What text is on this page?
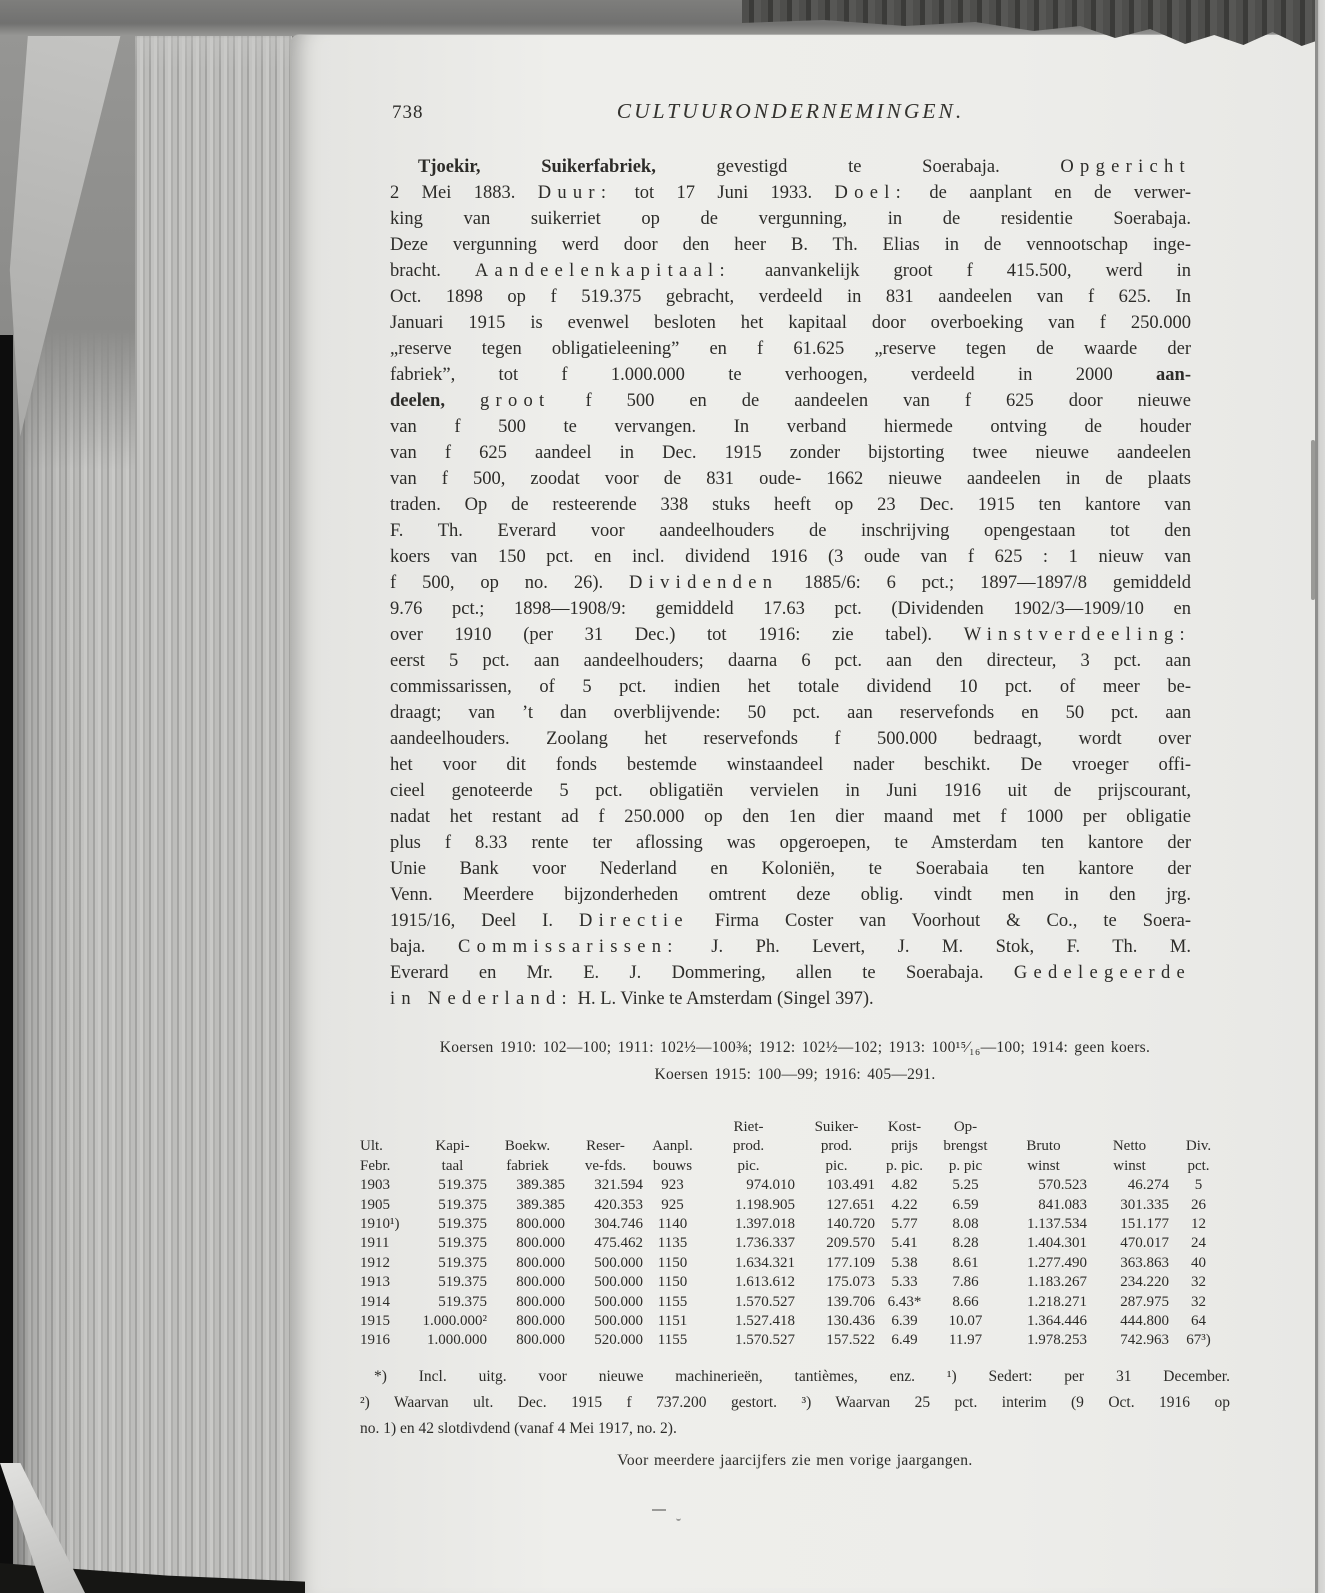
738	CULTUURONDERNEMINGEN.
Tjoekir, Suikerfabriek, gevestigd te Soerabaja. Opgericht
2 Mei 1883. Duur: tot 17 Juni 1933. Doel: de aanplant en de verwer-
king van suikerriet op de vergunning, in de residentie Soerabaja.
Deze vergunning werd door den heer B. Th. Elias in de vennootschap inge-
bracht. Aandeelenkapitaal: aanvankelijk groot f 415.500, werd in
Oct. 1898 op f 519.375 gebracht, verdeeld in 831 aandeelen van f 625. In
Januari 1915 is evenwel besloten het kapitaal door overboeking van f 250.000
„reserve tegen obligatieleening” en f 61.625 „reserve tegen de waarde der
fabriek”, tot f 1.000.000 te verhoogen, verdeeld in 2000 aan-
deelen, groot f 500 en de aandeelen van f 625 door nieuwe
van f 500 te vervangen. In verband hiermede ontving de houder
van f 625 aandeel in Dec. 1915 zonder bijstorting twee nieuwe aandeelen
van f 500, zoodat voor de 831 oude- 1662 nieuwe aandeelen in de plaats
traden. Op de resteerende 338 stuks heeft op 23 Dec. 1915 ten kantore van
F. Th. Everard voor aandeelhouders de inschrijving opengestaan tot den
koers van 150 pct. en incl. dividend 1916 (3 oude van f 625 : 1 nieuw van
f 500, op no. 26). Dividenden 1885/6: 6 pct.; 1897—1897/8 gemiddeld
9.76 pct.; 1898—1908/9: gemiddeld 17.63 pct. (Dividenden 1902/3—1909/10 en
over 1910 (per 31 Dec.) tot 1916: zie tabel). Winstverdeeling:
eerst 5 pct. aan aandeelhouders; daarna 6 pct. aan den directeur, 3 pct. aan
commissarissen, of 5 pct. indien het totale dividend 10 pct. of meer be-
draagt; van ’t dan overblijvende: 50 pct. aan reservefonds en 50 pct. aan
aandeelhouders. Zoolang het reservefonds f 500.000 bedraagt, wordt over
het voor dit fonds bestemde winstaandeel nader beschikt. De vroeger offi-
cieel genoteerde 5 pct. obligatiën vervielen in Juni 1916 uit de prijscourant,
nadat het restant ad f 250.000 op den 1en dier maand met f 1000 per obligatie
plus f 8.33 rente ter aflossing was opgeroepen, te Amsterdam ten kantore der
Unie Bank voor Nederland en Koloniën, te Soerabaia ten kantore der
Venn. Meerdere bijzonderheden omtrent deze oblig. vindt men in den jrg.
1915/16, Deel I. Directie Firma Coster van Voorhout & Co., te Soera-
baja. Commissarissen: J. Ph. Levert, J. M. Stok, F. Th. M.
Everard en Mr. E. J. Dommering, allen te Soerabaja. Gedelegeerde
in Nederland: H. L. Vinke te Amsterdam (Singel 397).
Koersen 1910: 102—100; 1911: 102½—100⅜; 1912: 102½—102; 1913: 100¹⁵⁄₁₆—100; 1914: geen koers.
Koersen 1915: 100—99; 1916: 405—291.
					Riet-	Suiker-	Kost-	Op-			
Ult.	Kapi-	Boekw.	Reser-	Aanpl.	prod.	prod.	prijs	brengst	Bruto	Netto	Div.
Febr.	taal	fabriek	ve-fds.	bouws	pic.	pic.	p. pic.	p. pic	winst	winst	pct.
1903	519.375	389.385	321.594	923	974.010	103.491	4.82	5.25	570.523	46.274	5
1905	519.375	389.385	420.353	925	1.198.905	127.651	4.22	6.59	841.083	301.335	26
1910¹)	519.375	800.000	304.746	1140	1.397.018	140.720	5.77	8.08	1.137.534	151.177	12
1911	519.375	800.000	475.462	1135	1.736.337	209.570	5.41	8.28	1.404.301	470.017	24
1912	519.375	800.000	500.000	1150	1.634.321	177.109	5.38	8.61	1.277.490	363.863	40
1913	519.375	800.000	500.000	1150	1.613.612	175.073	5.33	7.86	1.183.267	234.220	32
1914	519.375	800.000	500.000	1155	1.570.527	139.706	6.43*	8.66	1.218.271	287.975	32
1915	1.000.000²	800.000	500.000	1151	1.527.418	130.436	6.39	10.07	1.364.446	444.800	64
1916	1.000.000	800.000	520.000	1155	1.570.527	157.522	6.49	11.97	1.978.253	742.963	67³)
*) Incl. uitg. voor nieuwe machinerieën, tantièmes, enz. ¹) Sedert: per 31 December.
²) Waarvan ult. Dec. 1915 f 737.200 gestort. ³) Waarvan 25 pct. interim (9 Oct. 1916 op
no. 1) en 42 slotdivdend (vanaf 4 Mei 1917, no. 2).
Voor meerdere jaarcijfers zie men vorige jaargangen.
